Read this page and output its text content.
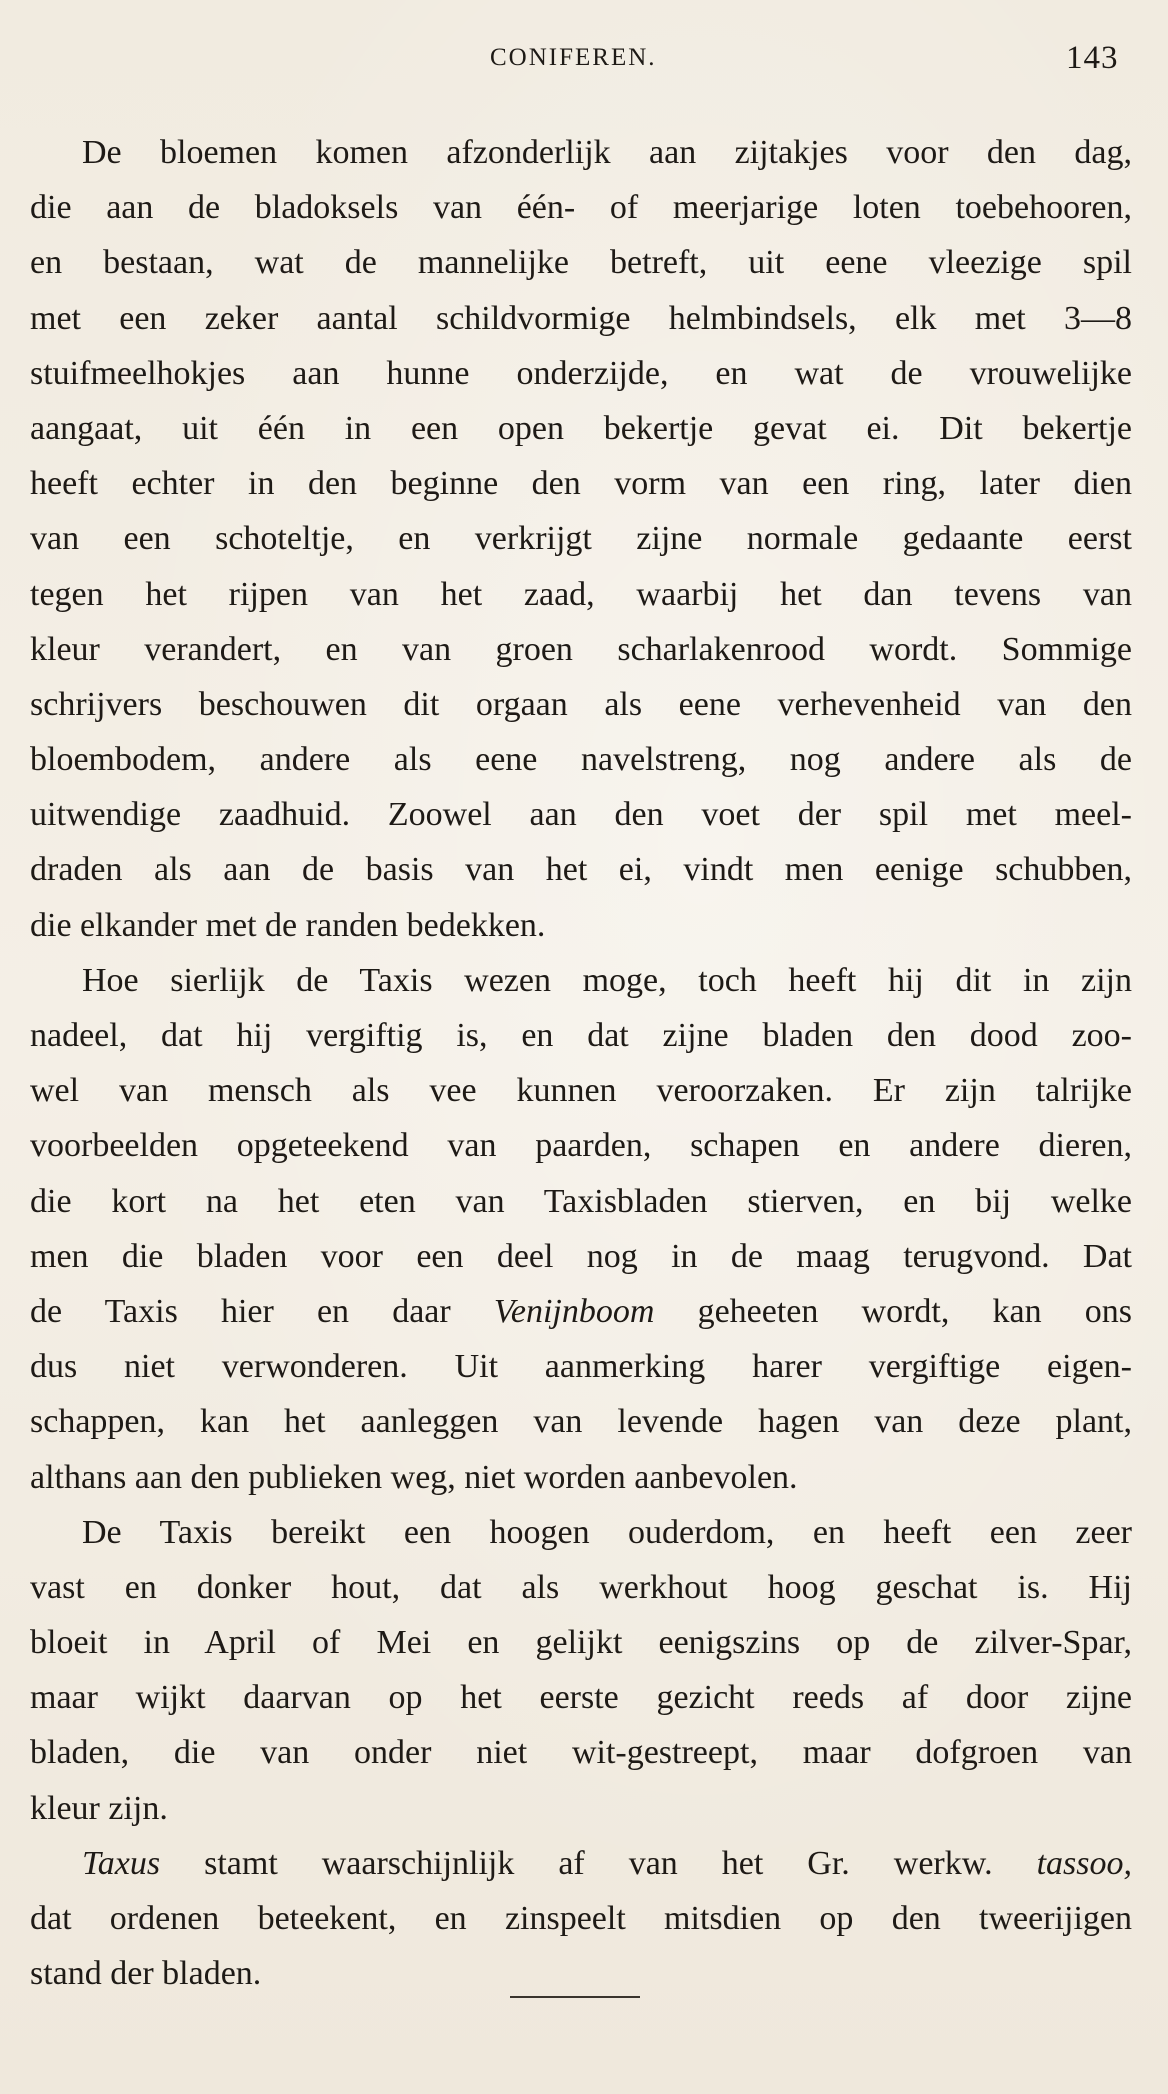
CONIFEREN.	143
De bloemen komen afzonderlijk aan zijtakjes voor den dag,
die aan de bladoksels van één- of meerjarige loten toebehooren,
en bestaan, wat de mannelijke betreft, uit eene vleezige spil
met een zeker aantal schildvormige helmbindsels, elk met 3—8
stuifmeelhokjes aan hunne onderzijde, en wat de vrouwelijke
aangaat, uit één in een open bekertje gevat ei. Dit bekertje
heeft echter in den beginne den vorm van een ring, later dien
van een schoteltje, en verkrijgt zijne normale gedaante eerst
tegen het rijpen van het zaad, waarbij het dan tevens van
kleur verandert, en van groen scharlakenrood wordt. Sommige
schrijvers beschouwen dit orgaan als eene verhevenheid van den
bloembodem, andere als eene navelstreng, nog andere als de
uitwendige zaadhuid. Zoowel aan den voet der spil met meel-
draden als aan de basis van het ei, vindt men eenige schubben,
die elkander met de randen bedekken.
Hoe sierlijk de Taxis wezen moge, toch heeft hij dit in zijn
nadeel, dat hij vergiftig is, en dat zijne bladen den dood zoo-
wel van mensch als vee kunnen veroorzaken. Er zijn talrijke
voorbeelden opgeteekend van paarden, schapen en andere dieren,
die kort na het eten van Taxisbladen stierven, en bij welke
men die bladen voor een deel nog in de maag terugvond. Dat
de Taxis hier en daar Venijnboom geheeten wordt, kan ons
dus niet verwonderen. Uit aanmerking harer vergiftige eigen-
schappen, kan het aanleggen van levende hagen van deze plant,
althans aan den publieken weg, niet worden aanbevolen.
De Taxis bereikt een hoogen ouderdom, en heeft een zeer
vast en donker hout, dat als werkhout hoog geschat is. Hij
bloeit in April of Mei en gelijkt eenigszins op de zilver-Spar,
maar wijkt daarvan op het eerste gezicht reeds af door zijne
bladen, die van onder niet wit-gestreept, maar dofgroen van
kleur zijn.
Taxus stamt waarschijnlijk af van het Gr. werkw. tassoo,
dat ordenen beteekent, en zinspeelt mitsdien op den tweerijigen
stand der bladen.
